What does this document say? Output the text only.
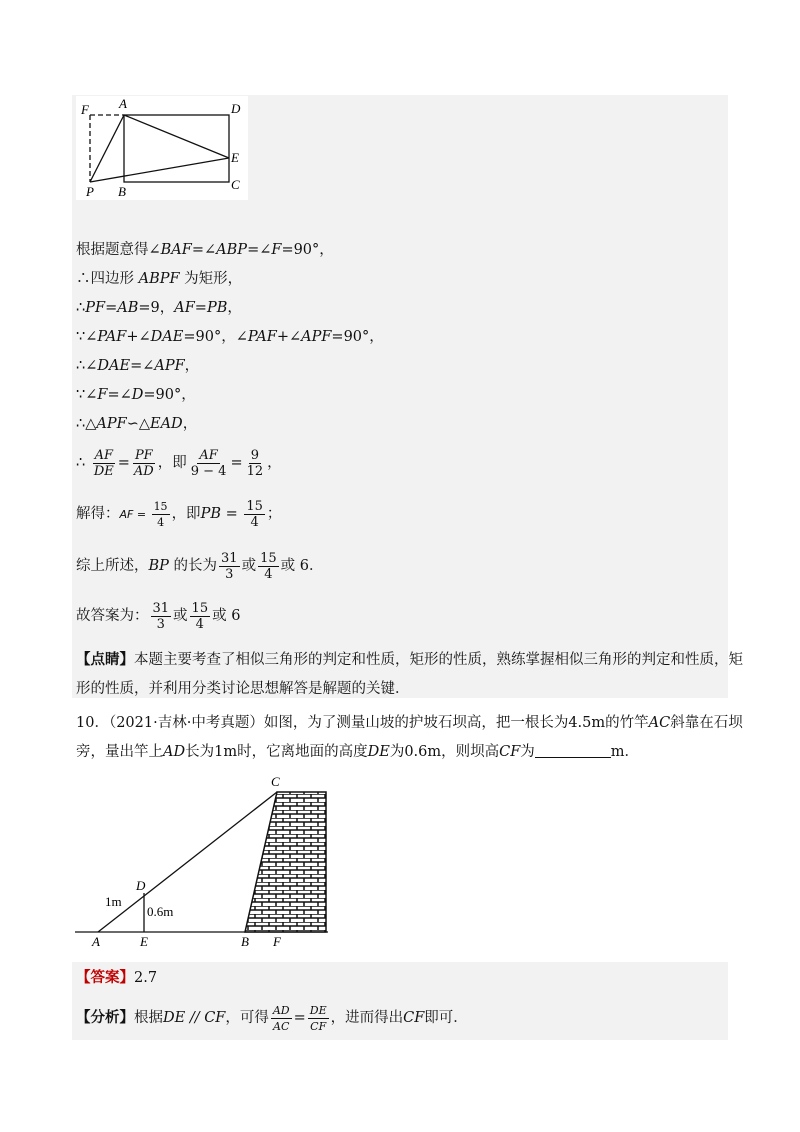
F A	D
E
P B	C
根据题意得∠BAF=∠ABP=∠F=90°，
∴四边形 ABPF 为矩形，
∴PF=AB=9，AF=PB，
∵∠PAF+∠DAE=90°，∠PAF+∠APF=90°，
∴∠DAE=∠APF，
∵∠F=∠D=90°，
∴△APF∽△EAD，
∴ $\frac{AF}{DE} = \frac{PF}{AD}$ ，即 $\frac{AF}{9 - 4} = \frac{9}{12}$ ，
解得：AF = $\frac{15}{4}$ ，即PB = $\frac{15}{4}$ ；
综上所述，BP 的长为 $\frac{31}{3}$ 或 $\frac{15}{4}$ 或 6．
故答案为： $\frac{31}{3}$ 或 $\frac{15}{4}$ 或 6
【点睛】本题主要考查了相似三角形的判定和性质，矩形的性质，熟练掌握相似三角形的判定和性质，矩
形的性质，并利用分类讨论思想解答是解题的关键．
10．（2021·吉林·中考真题）如图，为了测量山坡的护坡石坝高，把一根长为4.5m的竹竿AC斜靠在石坝
旁，量出竿上AD长为1m时，它离地面的高度DE为0.6m，则坝高CF为	m．
C
D
A	E	B F
1m
0.6m
【答案】2.7
【分析】根据DE // CF，可得 $\frac{AD}{AC} = \frac{DE}{CF}$ ，进而得出CF即可．
